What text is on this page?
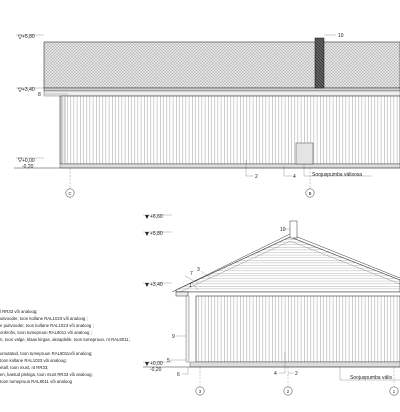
+5,80
+3,40
+0,00
-0,20
10
8
2	4	Soojuspumba välisosa
C	B
+6,60
+5,80
+3,40
+0,00
-0,20
10
7
3
1
9
5
6	4	2
Soojuspumba välis
3	2	1
l RR33 või analoog;
uitvooder, toon kollane RAL1023 või analoog ;
e puitvooder, toon kollane RAL1023 või analoog ;
onkrohv, toon tumepruun RAL8011 või analoog ;
n, toon valge, klaas kirgas, aknaplekk, toon tumepruun, nt RAL8011;
umutatud, toon tumepruun RAL8011või analoog;
toon kollane RAL1023 või analoog;
etall, toon must, nt RR33;
en, kaetud plekiga, toon must RR33 või analoog;
toon tumepruun RAL8011 või analoog
